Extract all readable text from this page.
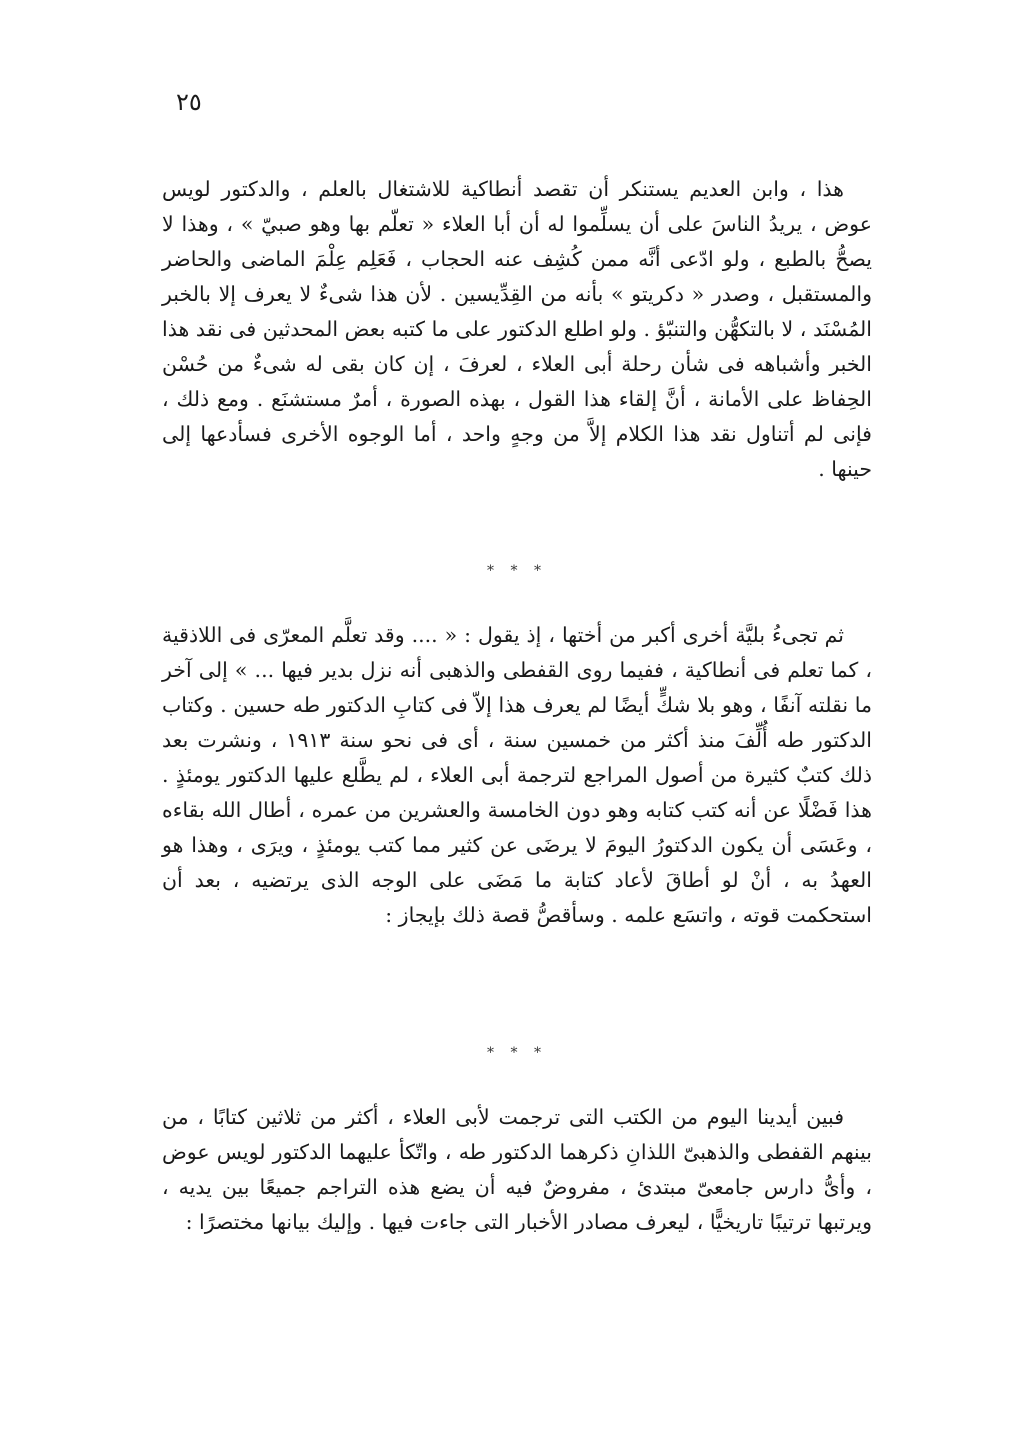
٢٥

هذا ، وابن العديم يستنكر أن تقصد أنطاكية للاشتغال بالعلم ، والدكتور لويس عوض ، يريدُ الناسَ على أن يسلِّموا له أن أبا العلاء « تعلّم بها وهو صبيّ » ، وهذا لا يصحُّ بالطبع ، ولو ادّعى أنَّه ممن كُشِف عنه الحجاب ، فَعَلِم عِلْمَ الماضى والحاضر والمستقبل ، وصدر « دكريتو » بأنه من القِدِّيسين . لأن هذا شىءٌ لا يعرف إلا بالخبر المُسْنَد ، لا بالتكهُّن والتنبّؤ . ولو اطلع الدكتور على ما كتبه بعض المحدثين فى نقد هذا الخبر وأشباهه فى شأن رحلة أبى العلاء ، لعرفَ ، إن كان بقى له شىءٌ من حُسْن الحِفاظ على الأمانة ، أنَّ إلقاء هذا القول ، بهذه الصورة ، أمرٌ مستشنَع . ومع ذلك ، فإنى لم أتناول نقد هذا الكلام إلاَّ من وجهٍ واحد ، أما الوجوه الأخرى فسأدعها إلى حينها .

* * *

ثم تجىءُ بليَّة أخرى أكبر من أختها ، إذ يقول : « .... وقد تعلَّم المعرّى فى اللاذقية ، كما تعلم فى أنطاكية ، ففيما روى القفطى والذهبى أنه نزل بدير فيها ... » إلى آخر ما نقلته آنفًا ، وهو بلا شكٍّ أيضًا لم يعرف هذا إلاّ فى كتابِ الدكتور طه حسين . وكتاب الدكتور طه أُلِّفَ منذ أكثر من خمسين سنة ، أى فى نحو سنة ١٩١٣ ، ونشرت بعد ذلك كتبٌ كثيرة من أصول المراجع لترجمة أبى العلاء ، لم يطَّلع عليها الدكتور يومئذٍ . هذا فَضْلًا عن أنه كتب كتابه وهو دون الخامسة والعشرين من عمره ، أطال الله بقاءه ، وعَسَى أن يكون الدكتورُ اليومَ لا يرضَى عن كثير مما كتب يومئذٍ ، ويرَى ، وهذا هو العهدُ به ، أنْ لو أطاقَ لأعاد كتابة ما مَضَى على الوجه الذى يرتضيه ، بعد أن استحكمت قوته ، واتسَع علمه . وسأقصُّ قصة ذلك بإيجاز :

* * *

فبين أيدينا اليوم من الكتب التى ترجمت لأبى العلاء ، أكثر من ثلاثين كتابًا ، من بينهم القفطى والذهبىّ اللذانِ ذكرهما الدكتور طه ، واتّكأ عليهما الدكتور لويس عوض ، وأىُّ دارس جامعىّ مبتدئ ، مفروضٌ فيه أن يضع هذه التراجم جميعًا بين يديه ، ويرتبها ترتيبًا تاريخيًّا ، ليعرف مصادر الأخبار التى جاءت فيها . وإليك بيانها مختصرًا :
